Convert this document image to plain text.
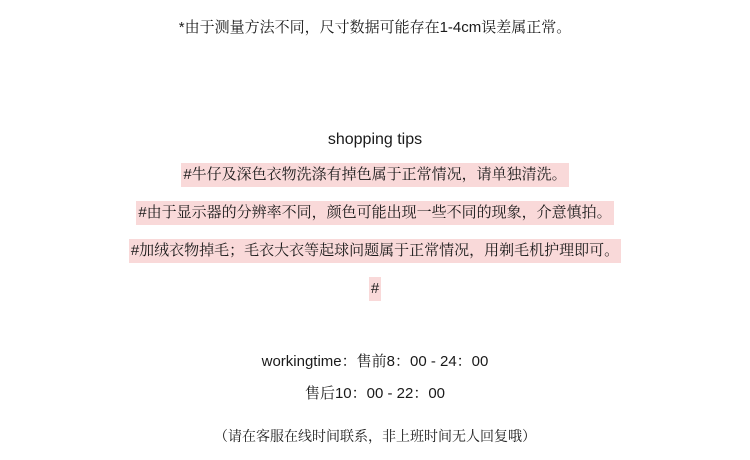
*由于测量方法不同，尺寸数据可能存在1-4cm误差属正常。
shopping tips
#牛仔及深色衣物洗涤有掉色属于正常情况，请单独清洗。
#由于显示器的分辨率不同，颜色可能出现一些不同的现象，介意慎拍。
#加绒衣物掉毛；毛衣大衣等起球问题属于正常情况，用剃毛机护理即可。
#
workingtime：售前8：00 - 24：00
售后10：00 - 22：00
（请在客服在线时间联系，非上班时间无人回复哦）
